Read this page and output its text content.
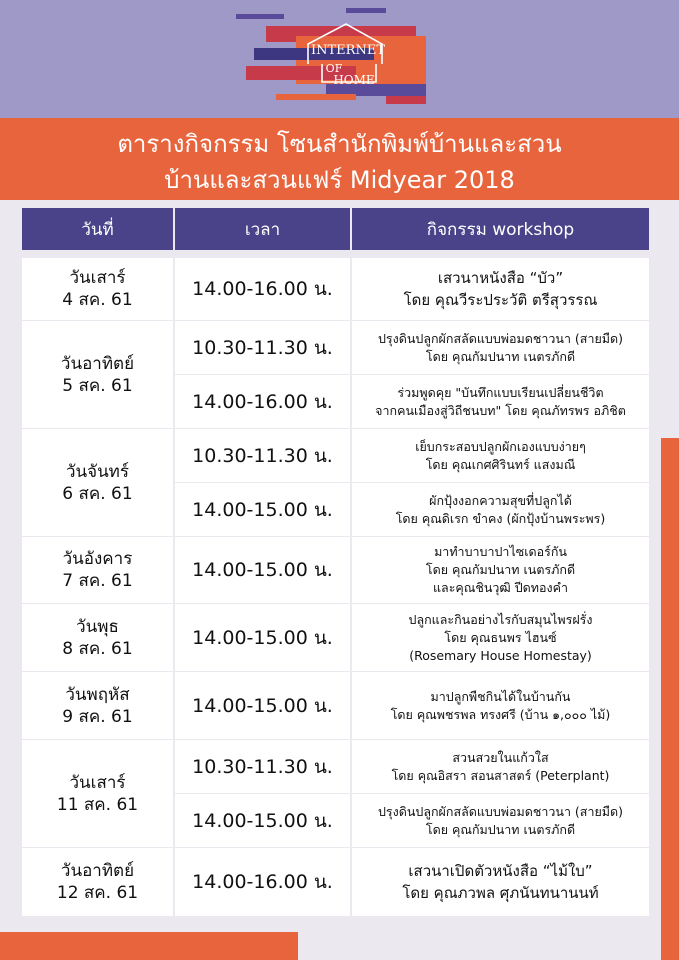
INTERNET
OF
HOME
ตารางกิจกรรม โซนสำนักพิมพ์บ้านและสวน
บ้านและสวนแฟร์ Midyear 2018
วันที่	เวลา	กิจกรรม workshop
วันเสาร์
4 สค. 61
วันอาทิตย์
5 สค. 61
วันจันทร์
6 สค. 61
วันอังคาร
7 สค. 61
วันพุธ
8 สค. 61
วันพฤหัส
9 สค. 61
วันเสาร์
11 สค. 61
วันอาทิตย์
12 สค. 61
14.00-16.00 น.
10.30-11.30 น.
14.00-16.00 น.
10.30-11.30 น.
14.00-15.00 น.
14.00-15.00 น.
14.00-15.00 น.
14.00-15.00 น.
10.30-11.30 น.
14.00-15.00 น.
14.00-16.00 น.
เสวนาหนังสือ “บัว”
โดย คุณวีระประวัติ ตรีสุวรรณ
ปรุงดินปลูกผักสลัดแบบพ่อมดชาวนา (สายมืด)
โดย คุณกัมปนาท เนตรภักดี
ร่วมพูดคุย "บันทึกแบบเรียนเปลี่ยนชีวิต
จากคนเมืองสู่วิถีชนบท" โดย คุณภัทรพร อภิชิต
เย็บกระสอบปลูกผักเองแบบง่ายๆ
โดย คุณเกศศิรินทร์ แสงมณี
ผักปุ้งงอกความสุขที่ปลูกได้
โดย คุณดิเรก ขำคง (ผักปุ้งบ้านพระพร)
มาทำบาบาปาไซเดอร์กัน
โดย คุณกัมปนาท เนตรภักดี
และคุณชินวุฒิ ปีดทองคำ
ปลูกและกินอย่างไรกับสมุนไพรฝรั่ง
โดย คุณธนพร ไฮนซ์
(Rosemary House Homestay)
มาปลูกพืชกินได้ในบ้านกัน
โดย คุณพชรพล ทรงศรี (บ้าน ๑,๐๐๐ ไม้)
สวนสวยในแก้วใส
โดย คุณอิสรา สอนสาสตร์ (Peterplant)
ปรุงดินปลูกผักสลัดแบบพ่อมดชาวนา (สายมืด)
โดย คุณกัมปนาท เนตรภักดี
เสวนาเปิดตัวหนังสือ “ไม้ใบ”
โดย คุณภวพล ศุภนันทนานนท์
